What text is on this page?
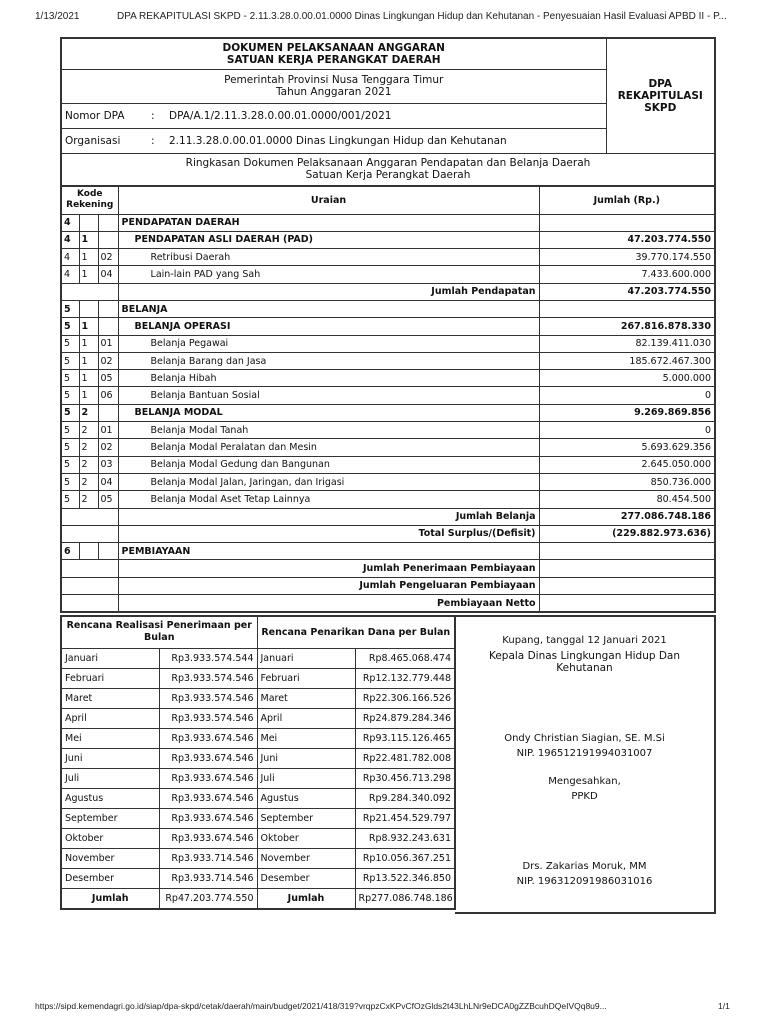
1/13/2021	DPA REKAPITULASI SKPD - 2.11.3.28.0.00.01.0000 Dinas Lingkungan Hidup dan Kehutanan - Penyesuaian Hasil Evaluasi APBD II - P...
DOKUMEN PELAKSANAAN ANGGARAN
SATUAN KERJA PERANGKAT DAERAH

DPA
REKAPITULASI
SKPD

Pemerintah Provinsi Nusa Tenggara Timur
Tahun Anggaran 2021

Nomor DPA	: DPA/A.1/2.11.3.28.0.00.01.0000/001/2021
Organisasi	: 2.11.3.28.0.00.01.0000 Dinas Lingkungan Hidup dan Kehutanan

Ringkasan Dokumen Pelaksanaan Anggaran Pendapatan dan Belanja Daerah
Satuan Kerja Perangkat Daerah
Kode
Rekening			Uraian	Jumlah (Rp.)
4			PENDAPATAN DAERAH	
4	1		PENDAPATAN ASLI DAERAH (PAD)	47.203.774.550
4	1	02	Retribusi Daerah	39.770.174.550
4	1	04	Lain-lain PAD yang Sah	7.433.600.000
			Jumlah Pendapatan	47.203.774.550
5			BELANJA	
5	1		BELANJA OPERASI	267.816.878.330
5	1	01	Belanja Pegawai	82.139.411.030
5	1	02	Belanja Barang dan Jasa	185.672.467.300
5	1	05	Belanja Hibah	5.000.000
5	1	06	Belanja Bantuan Sosial	0
5	2		BELANJA MODAL	9.269.869.856
5	2	01	Belanja Modal Tanah	0
5	2	02	Belanja Modal Peralatan dan Mesin	5.693.629.356
5	2	03	Belanja Modal Gedung dan Bangunan	2.645.050.000
5	2	04	Belanja Modal Jalan, Jaringan, dan Irigasi	850.736.000
5	2	05	Belanja Modal Aset Tetap Lainnya	80.454.500
			Jumlah Belanja	277.086.748.186
			Total Surplus/(Defisit)	(229.882.973.636)
6			PEMBIAYAAN	
			Jumlah Penerimaan Pembiayaan	
			Jumlah Pengeluaran Pembiayaan	
			Pembiayaan Netto	
Rencana Realisasi Penerimaan per Bulan		Rencana Penarikan Dana per Bulan	
Januari	Rp3.933.574.544	Januari	Rp8.465.068.474
Februari	Rp3.933.574.546	Februari	Rp12.132.779.448
Maret	Rp3.933.574.546	Maret	Rp22.306.166.526
April	Rp3.933.574.546	April	Rp24.879.284.346
Mei	Rp3.933.674.546	Mei	Rp93.115.126.465
Juni	Rp3.933.674.546	Juni	Rp22.481.782.008
Juli	Rp3.933.674.546	Juli	Rp30.456.713.298
Agustus	Rp3.933.674.546	Agustus	Rp9.284.340.092
September	Rp3.933.674.546	September	Rp21.454.529.797
Oktober	Rp3.933.674.546	Oktober	Rp8.932.243.631
November	Rp3.933.714.546	November	Rp10.056.367.251
Desember	Rp3.933.714.546	Desember	Rp13.522.346.850
Jumlah	Rp47.203.774.550	Jumlah	Rp277.086.748.186
Kupang, tanggal 12 Januari 2021
Kepala Dinas Lingkungan Hidup Dan
Kehutanan
Ondy Christian Siagian, SE. M.Si
NIP. 196512191994031007
Mengesahkan,
PPKD
Drs. Zakarias Moruk, MM
NIP. 196312091986031016
https://sipd.kemendagri.go.id/siap/dpa-skpd/cetak/daerah/main/budget/2021/418/319?vrqpzCxKPvCfOzGlds2t43LhLNr9eDCA0gZZBcuhDQeIVQq8u9...	1/1
